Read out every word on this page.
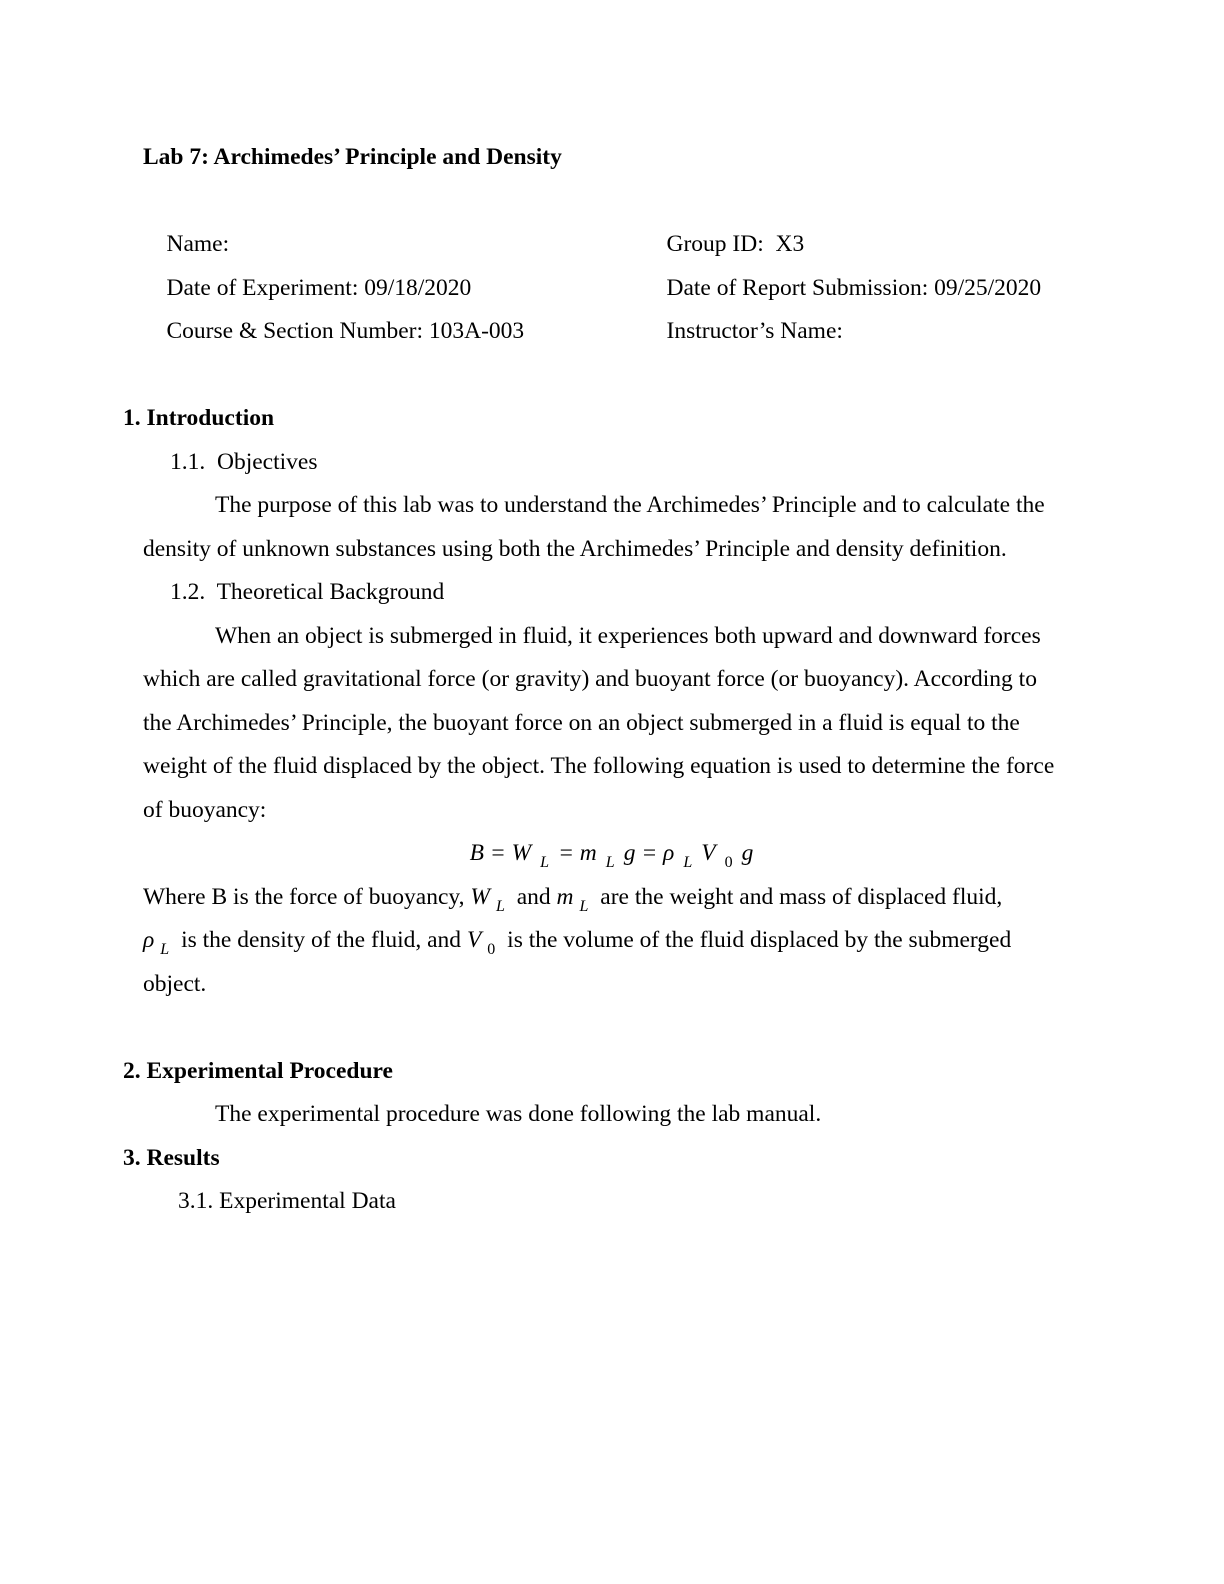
Lab 7: Archimedes’ Principle and Density

Name:	Group ID:  X3

Date of Experiment: 09/18/2020	Date of Report Submission: 09/25/2020

Course & Section Number: 103A-003	Instructor’s Name:

1. Introduction
1.1.  Objectives
The purpose of this lab was to understand the Archimedes’ Principle and to calculate the
density of unknown substances using both the Archimedes’ Principle and density definition.
1.2.  Theoretical Background
When an object is submerged in fluid, it experiences both upward and downward forces
which are called gravitational force (or gravity) and buoyant force (or buoyancy). According to
the Archimedes’ Principle, the buoyant force on an object submerged in a fluid is equal to the
weight of the fluid displaced by the object. The following equation is used to determine the force
of buoyancy:
B = W L = m L g = ρ L V 0 g
Where B is the force of buoyancy, W L and m L are the weight and mass of displaced fluid,
ρ L is the density of the fluid, and V 0 is the volume of the fluid displaced by the submerged
object.
2. Experimental Procedure
The experimental procedure was done following the lab manual.
3. Results
3.1. Experimental Data
